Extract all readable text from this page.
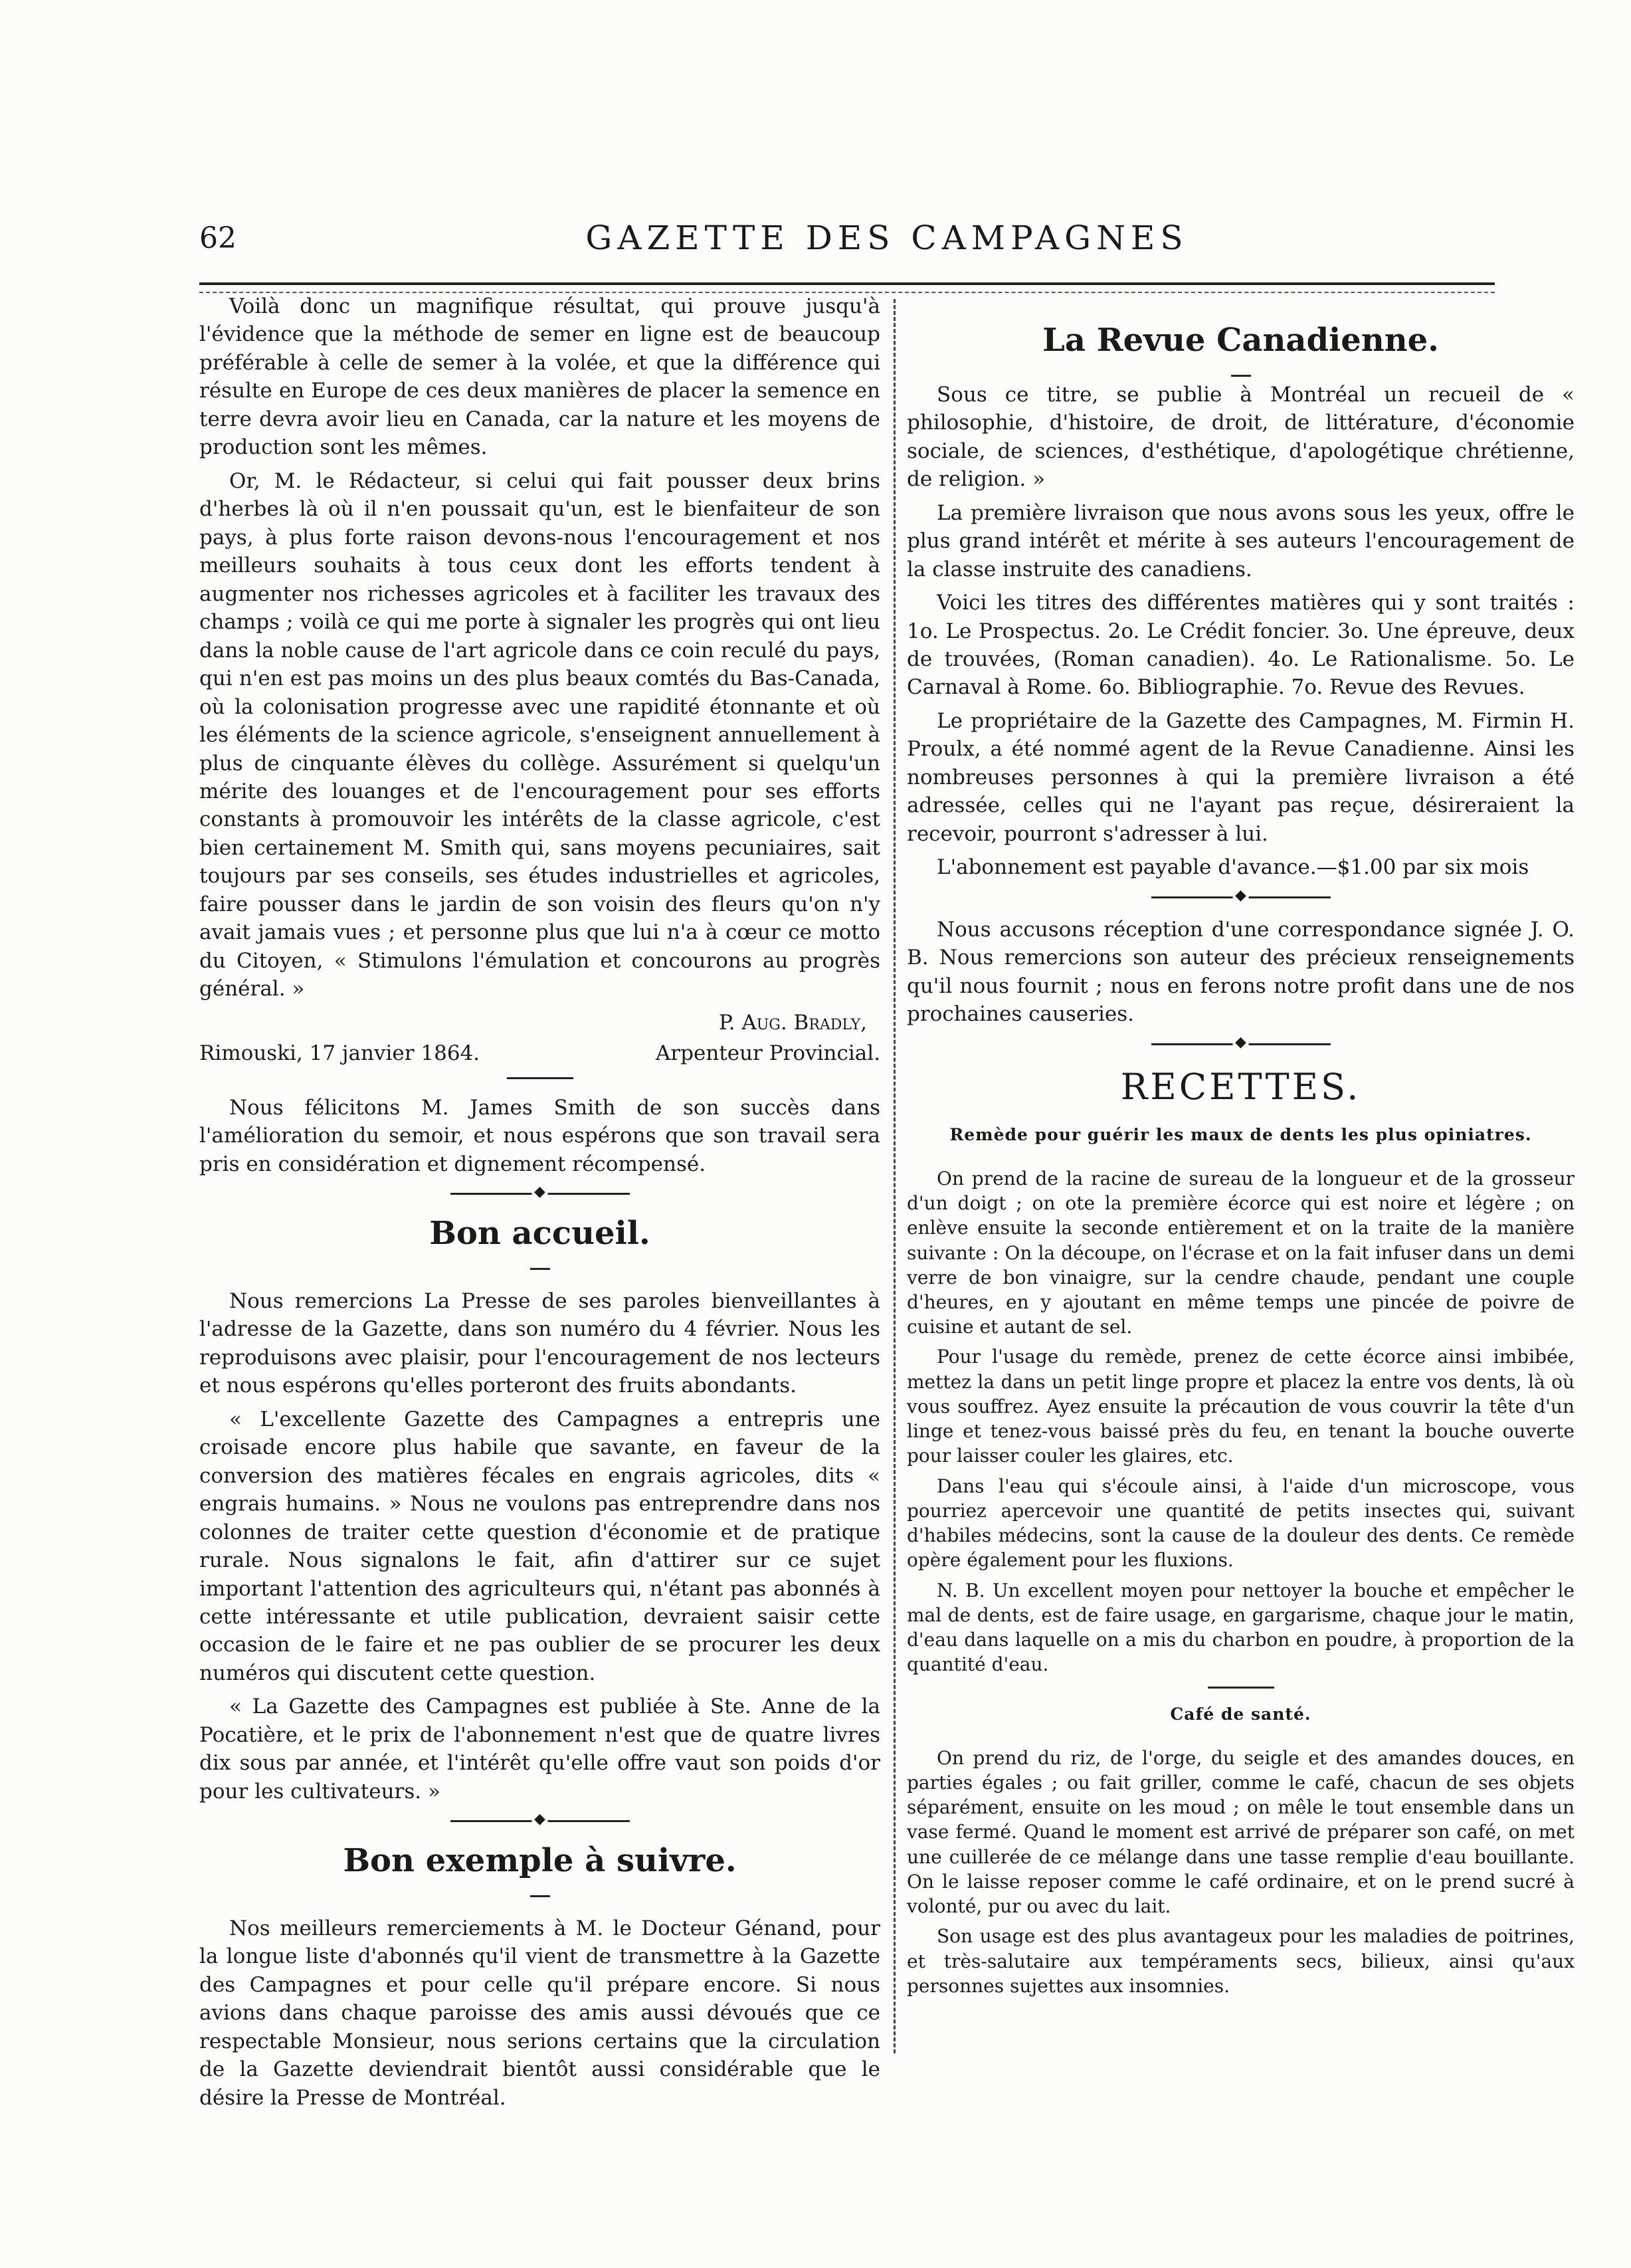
62	GAZETTE DES CAMPAGNES

Voilà donc un magnifique résultat, qui prouve jusqu'à l'évidence que la méthode de semer en ligne est de beaucoup préférable à celle de semer à la volée, et que la différence qui résulte en Europe de ces deux manières de placer la semence en terre devra avoir lieu en Canada, car la nature et les moyens de production sont les mêmes.

Or, M. le Rédacteur, si celui qui fait pousser deux brins d'herbes là où il n'en poussait qu'un, est le bienfaiteur de son pays, à plus forte raison devons-nous l'encouragement et nos meilleurs souhaits à tous ceux dont les efforts tendent à augmenter nos richesses agricoles et à faciliter les travaux des champs ; voilà ce qui me porte à signaler les progrès qui ont lieu dans la noble cause de l'art agricole dans ce coin reculé du pays, qui n'en est pas moins un des plus beaux comtés du Bas-Canada, où la colonisation progresse avec une rapidité étonnante et où les éléments de la science agricole, s'enseignent annuellement à plus de cinquante élèves du collège. Assurément si quelqu'un mérite des louanges et de l'encouragement pour ses efforts constants à promouvoir les intérêts de la classe agricole, c'est bien certainement M. Smith qui, sans moyens pecuniaires, sait toujours par ses conseils, ses études industrielles et agricoles, faire pousser dans le jardin de son voisin des fleurs qu'on n'y avait jamais vues ; et personne plus que lui n'a à cœur ce motto du Citoyen, « Stimulons l'émulation et concourons au progrès général. »

P. Aug. Bradly,

Rimouski, 17 janvier 1864.	Arpenteur Provincial.

Nous félicitons M. James Smith de son succès dans l'amélioration du semoir, et nous espérons que son travail sera pris en considération et dignement récompensé.

◆
Bon accueil.

Nous remercions La Presse de ses paroles bienveillantes à l'adresse de la Gazette, dans son numéro du 4 février. Nous les reproduisons avec plaisir, pour l'encouragement de nos lecteurs et nous espérons qu'elles porteront des fruits abondants.

« L'excellente Gazette des Campagnes a entrepris une croisade encore plus habile que savante, en faveur de la conversion des matières fécales en engrais agricoles, dits « engrais humains. » Nous ne voulons pas entreprendre dans nos colonnes de traiter cette question d'économie et de pratique rurale. Nous signalons le fait, afin d'attirer sur ce sujet important l'attention des agriculteurs qui, n'étant pas abonnés à cette intéressante et utile publication, devraient saisir cette occasion de le faire et ne pas oublier de se procurer les deux numéros qui discutent cette question.

« La Gazette des Campagnes est publiée à Ste. Anne de la Pocatière, et le prix de l'abonnement n'est que de quatre livres dix sous par année, et l'intérêt qu'elle offre vaut son poids d'or pour les cultivateurs. »

◆
Bon exemple à suivre.

Nos meilleurs remerciements à M. le Docteur Génand, pour la longue liste d'abonnés qu'il vient de transmettre à la Gazette des Campagnes et pour celle qu'il prépare encore. Si nous avions dans chaque paroisse des amis aussi dévoués que ce respectable Monsieur, nous serions certains que la circulation de la Gazette deviendrait bientôt aussi considérable que le désire la Presse de Montréal.

La Revue Canadienne.

Sous ce titre, se publie à Montréal un recueil de « philosophie, d'histoire, de droit, de littérature, d'économie sociale, de sciences, d'esthétique, d'apologétique chrétienne, de religion. »

La première livraison que nous avons sous les yeux, offre le plus grand intérêt et mérite à ses auteurs l'encouragement de la classe instruite des canadiens.

Voici les titres des différentes matières qui y sont traités : 1o. Le Prospectus. 2o. Le Crédit foncier. 3o. Une épreuve, deux de trouvées, (Roman canadien). 4o. Le Rationalisme. 5o. Le Carnaval à Rome. 6o. Bibliographie. 7o. Revue des Revues.

Le propriétaire de la Gazette des Campagnes, M. Firmin H. Proulx, a été nommé agent de la Revue Canadienne. Ainsi les nombreuses personnes à qui la première livraison a été adressée, celles qui ne l'ayant pas reçue, désireraient la recevoir, pourront s'adresser à lui.

L'abonnement est payable d'avance.—$1.00 par six mois

◆

Nous accusons réception d'une correspondance signée J. O. B. Nous remercions son auteur des précieux renseignements qu'il nous fournit ; nous en ferons notre profit dans une de nos prochaines causeries.

◆
RECETTES.
Remède pour guérir les maux de dents les plus opiniatres.

On prend de la racine de sureau de la longueur et de la grosseur d'un doigt ; on ote la première écorce qui est noire et légère ; on enlève ensuite la seconde entièrement et on la traite de la manière suivante : On la découpe, on l'écrase et on la fait infuser dans un demi verre de bon vinaigre, sur la cendre chaude, pendant une couple d'heures, en y ajoutant en même temps une pincée de poivre de cuisine et autant de sel.

Pour l'usage du remède, prenez de cette écorce ainsi imbibée, mettez la dans un petit linge propre et placez la entre vos dents, là où vous souffrez. Ayez ensuite la précaution de vous couvrir la tête d'un linge et tenez-vous baissé près du feu, en tenant la bouche ouverte pour laisser couler les glaires, etc.

Dans l'eau qui s'écoule ainsi, à l'aide d'un microscope, vous pourriez apercevoir une quantité de petits insectes qui, suivant d'habiles médecins, sont la cause de la douleur des dents. Ce remède opère également pour les fluxions.

N. B. Un excellent moyen pour nettoyer la bouche et empêcher le mal de dents, est de faire usage, en gargarisme, chaque jour le matin, d'eau dans laquelle on a mis du charbon en poudre, à proportion de la quantité d'eau.

Café de santé.

On prend du riz, de l'orge, du seigle et des amandes douces, en parties égales ; ou fait griller, comme le café, chacun de ses objets séparément, ensuite on les moud ; on mêle le tout ensemble dans un vase fermé. Quand le moment est arrivé de préparer son café, on met une cuillerée de ce mélange dans une tasse remplie d'eau bouillante. On le laisse reposer comme le café ordinaire, et on le prend sucré à volonté, pur ou avec du lait.

Son usage est des plus avantageux pour les maladies de poitrines, et très-salutaire aux tempéraments secs, bilieux, ainsi qu'aux personnes sujettes aux insomnies.
